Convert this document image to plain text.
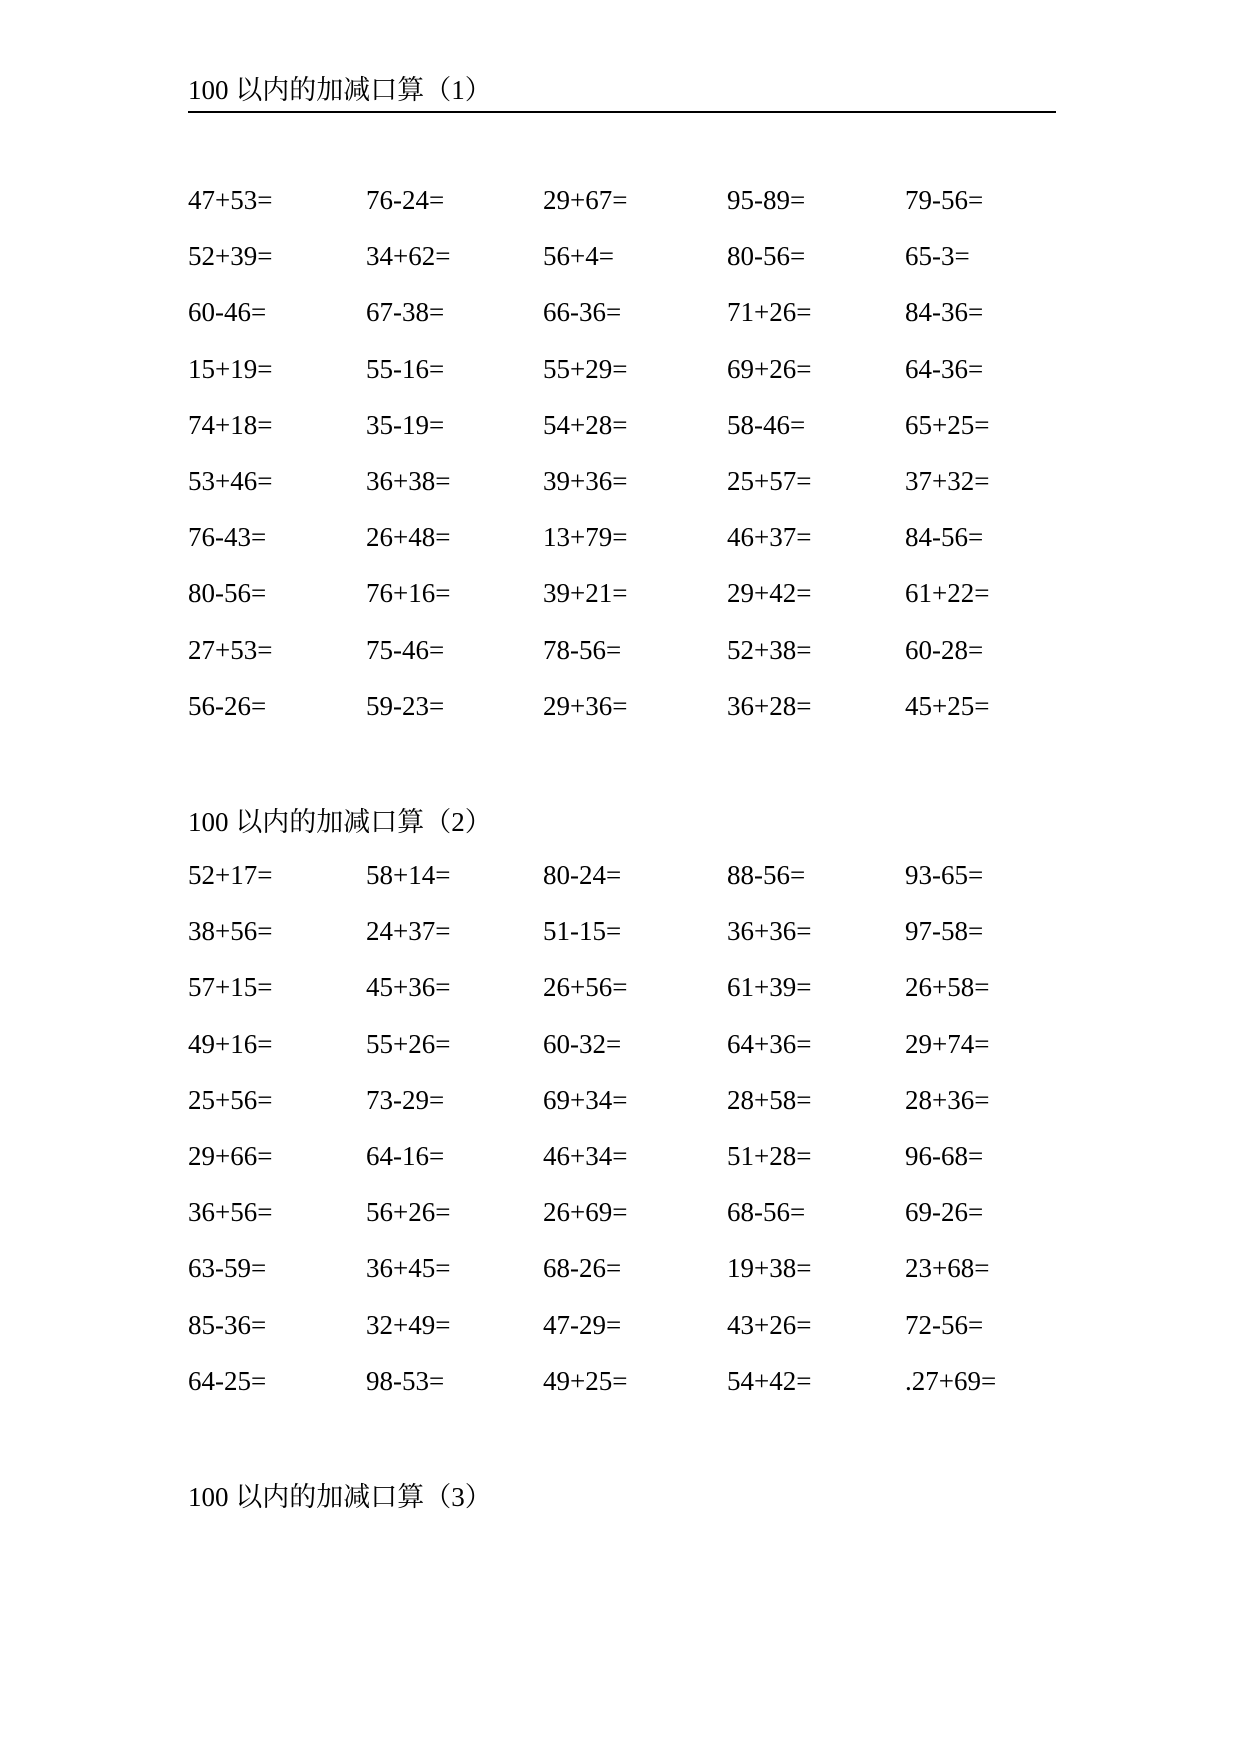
100 以内的加减口算（1）
47+53=	76-24=	29+67=	95-89=	79-56=
52+39=	34+62=	56+4=	80-56=	65-3=
60-46=	67-38=	66-36=	71+26=	84-36=
15+19=	55-16=	55+29=	69+26=	64-36=
74+18=	35-19=	54+28=	58-46=	65+25=
53+46=	36+38=	39+36=	25+57=	37+32=
76-43=	26+48=	13+79=	46+37=	84-56=
80-56=	76+16=	39+21=	29+42=	61+22=
27+53=	75-46=	78-56=	52+38=	60-28=
56-26=	59-23=	29+36=	36+28=	45+25=
100 以内的加减口算（2）
52+17=	58+14=	80-24=	88-56=	93-65=
38+56=	24+37=	51-15=	36+36=	97-58=
57+15=	45+36=	26+56=	61+39=	26+58=
49+16=	55+26=	60-32=	64+36=	29+74=
25+56=	73-29=	69+34=	28+58=	28+36=
29+66=	64-16=	46+34=	51+28=	96-68=
36+56=	56+26=	26+69=	68-56=	69-26=
63-59=	36+45=	68-26=	19+38=	23+68=
85-36=	32+49=	47-29=	43+26=	72-56=
64-25=	98-53=	49+25=	54+42=	.27+69=
100 以内的加减口算（3）
